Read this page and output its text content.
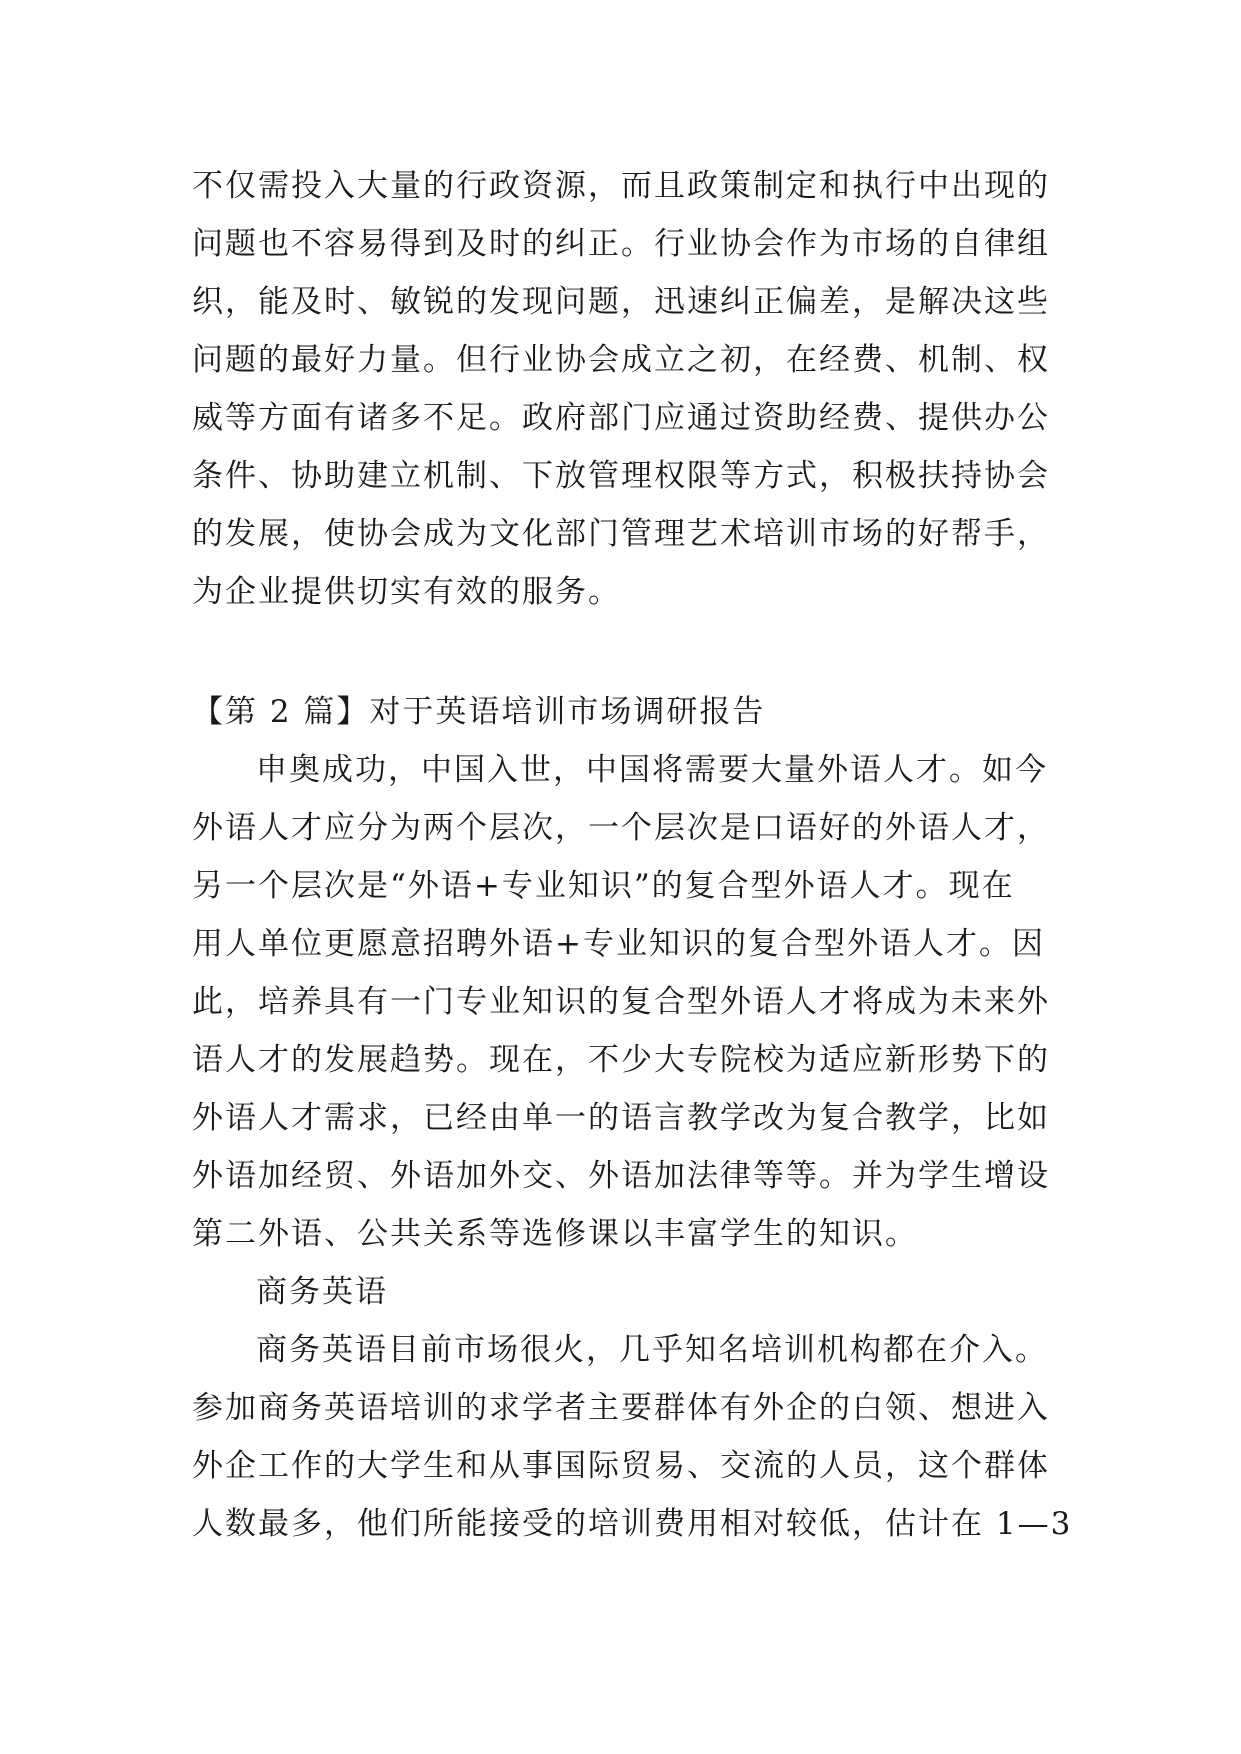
不仅需投入大量的行政资源，而且政策制定和执行中出现的
问题也不容易得到及时的纠正。行业协会作为市场的自律组
织，能及时、敏锐的发现问题，迅速纠正偏差，是解决这些
问题的最好力量。但行业协会成立之初，在经费、机制、权
威等方面有诸多不足。政府部门应通过资助经费、提供办公
条件、协助建立机制、下放管理权限等方式，积极扶持协会
的发展，使协会成为文化部门管理艺术培训市场的好帮手，
为企业提供切实有效的服务。
【第 2 篇】对于英语培训市场调研报告
申奥成功，中国入世，中国将需要大量外语人才。如今
外语人才应分为两个层次，一个层次是口语好的外语人才，
另一个层次是“外语+专业知识”的复合型外语人才。现在
用人单位更愿意招聘外语+专业知识的复合型外语人才。因
此，培养具有一门专业知识的复合型外语人才将成为未来外
语人才的发展趋势。现在，不少大专院校为适应新形势下的
外语人才需求，已经由单一的语言教学改为复合教学，比如
外语加经贸、外语加外交、外语加法律等等。并为学生增设
第二外语、公共关系等选修课以丰富学生的知识。
商务英语
商务英语目前市场很火，几乎知名培训机构都在介入。
参加商务英语培训的求学者主要群体有外企的白领、想进入
外企工作的大学生和从事国际贸易、交流的人员，这个群体
人数最多，他们所能接受的培训费用相对较低，估计在 1—3
